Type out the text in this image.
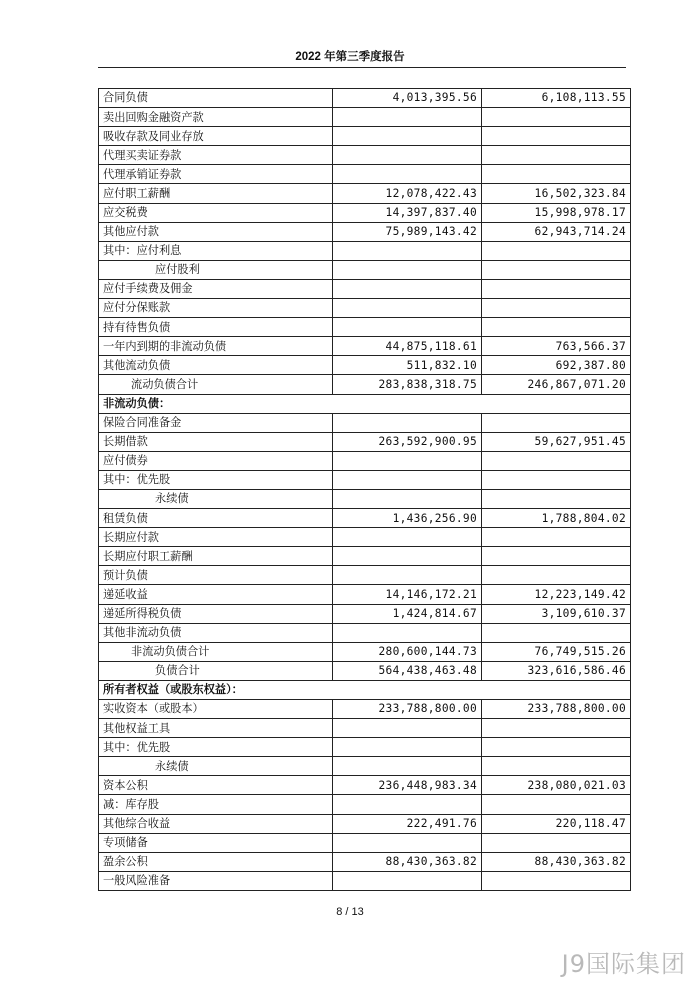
2022 年第三季度报告
合同负债	4,013,395.56	6,108,113.55
卖出回购金融资产款		
吸收存款及同业存放		
代理买卖证券款		
代理承销证券款		
应付职工薪酬	12,078,422.43	16,502,323.84
应交税费	14,397,837.40	15,998,978.17
其他应付款	75,989,143.42	62,943,714.24
其中：应付利息		
应付股利		
应付手续费及佣金		
应付分保账款		
持有待售负债		
一年内到期的非流动负债	44,875,118.61	763,566.37
其他流动负债	511,832.10	692,387.80
流动负债合计	283,838,318.75	246,867,071.20
非流动负债：		
保险合同准备金		
长期借款	263,592,900.95	59,627,951.45
应付债券		
其中：优先股		
永续债		
租赁负债	1,436,256.90	1,788,804.02
长期应付款		
长期应付职工薪酬		
预计负债		
递延收益	14,146,172.21	12,223,149.42
递延所得税负债	1,424,814.67	3,109,610.37
其他非流动负债		
非流动负债合计	280,600,144.73	76,749,515.26
负债合计	564,438,463.48	323,616,586.46
所有者权益（或股东权益）：		
实收资本（或股本）	233,788,800.00	233,788,800.00
其他权益工具		
其中：优先股		
永续债		
资本公积	236,448,983.34	238,080,021.03
减：库存股		
其他综合收益	222,491.76	220,118.47
专项储备		
盈余公积	88,430,363.82	88,430,363.82
一般风险准备		
8 / 13
J9国际集团
